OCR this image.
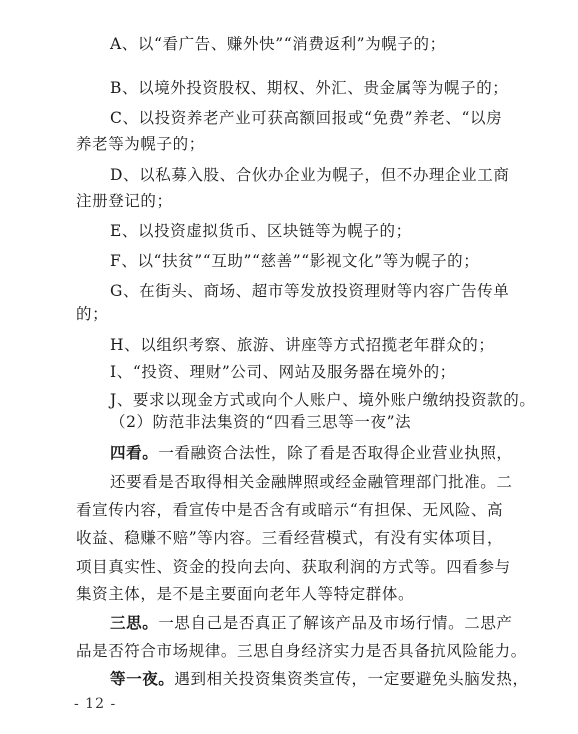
A、以“看广告、赚外快”“消费返利”为幌子的；
B、以境外投资股权、期权、外汇、贵金属等为幌子的；
C、以投资养老产业可获高额回报或“免费”养老、“以房
养老等为幌子的；
D、以私募入股、合伙办企业为幌子，但不办理企业工商
注册登记的；
E、以投资虚拟货币、区块链等为幌子的；
F、以“扶贫”“互助”“慈善”“影视文化”等为幌子的；
G、在街头、商场、超市等发放投资理财等内容广告传单
的；
H、以组织考察、旅游、讲座等方式招揽老年群众的；
I、“投资、理财”公司、网站及服务器在境外的；
J、要求以现金方式或向个人账户、境外账户缴纳投资款的。
（2）防范非法集资的“四看三思等一夜”法
四看。一看融资合法性，除了看是否取得企业营业执照，
还要看是否取得相关金融牌照或经金融管理部门批准。二
看宣传内容，看宣传中是否含有或暗示“有担保、无风险、高
收益、稳赚不赔”等内容。三看经营模式，有没有实体项目，
项目真实性、资金的投向去向、获取利润的方式等。四看参与
集资主体，是不是主要面向老年人等特定群体。
三思。一思自己是否真正了解该产品及市场行情。二思产
品是否符合市场规律。三思自身经济实力是否具备抗风险能力。
等一夜。遇到相关投资集资类宣传，一定要避免头脑发热，
- 12 -
